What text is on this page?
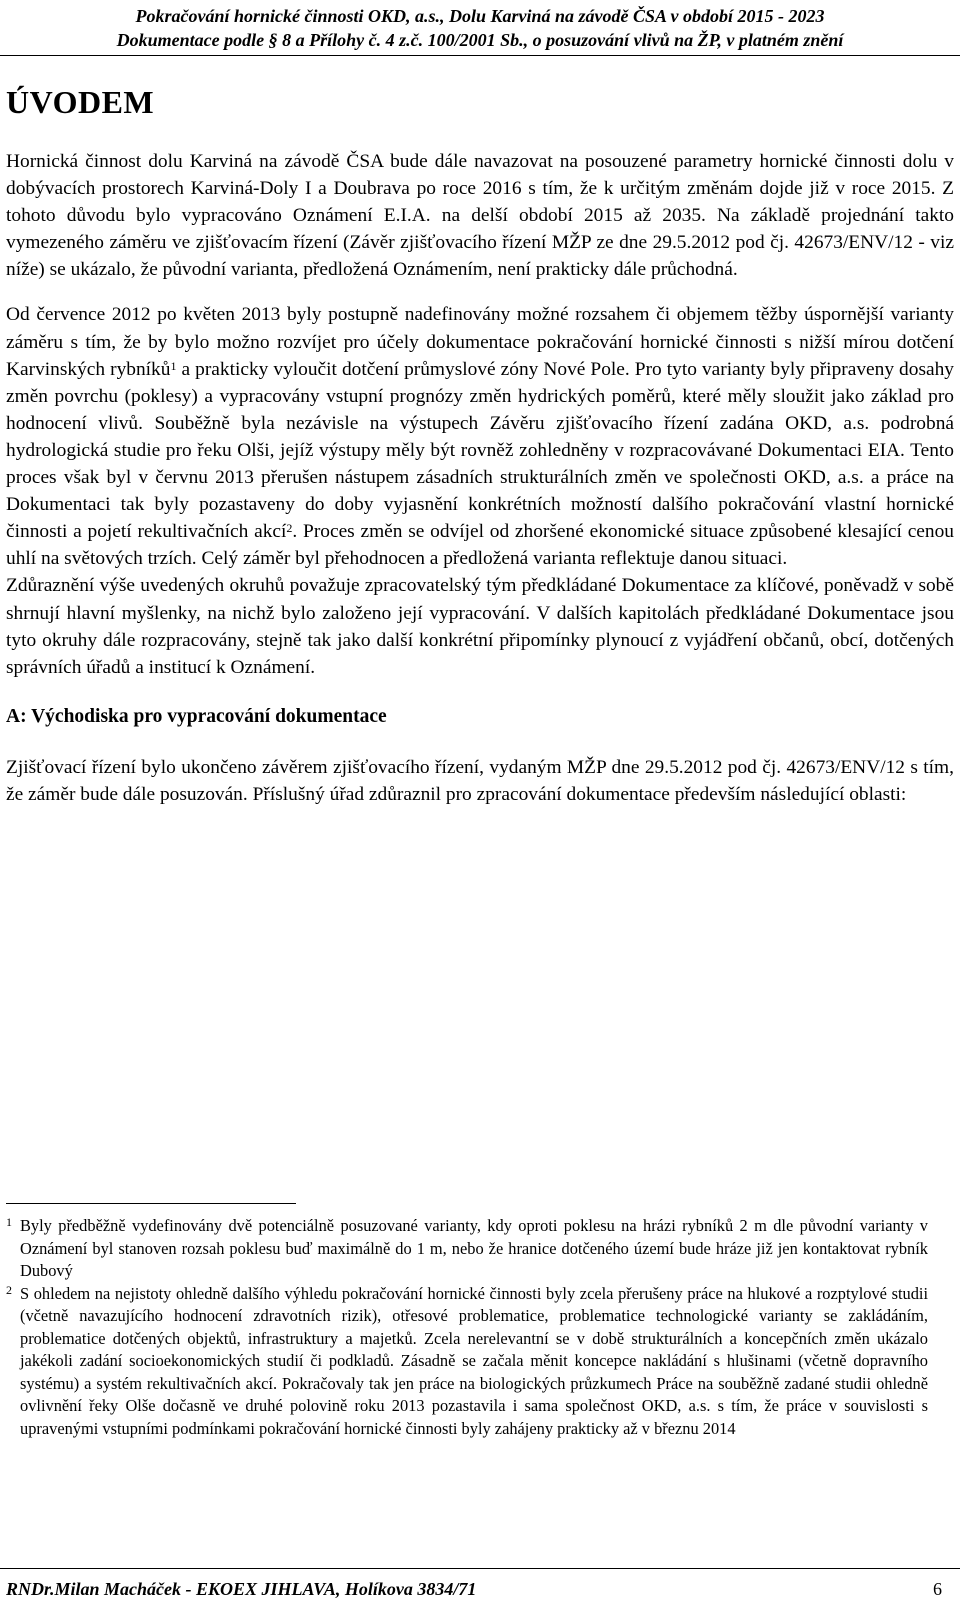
Pokračování hornické činnosti OKD, a.s., Dolu Karviná na závodě ČSA v období 2015 - 2023
Dokumentace podle § 8 a Přílohy č. 4 z.č. 100/2001 Sb., o posuzování vlivů na ŽP, v platném znění
ÚVODEM

Hornická činnost dolu Karviná na závodě ČSA bude dále navazovat na posouzené parametry hornické činnosti dolu v dobývacích prostorech Karviná-Doly I a Doubrava po roce 2016 s tím, že k určitým změnám dojde již v roce 2015. Z tohoto důvodu bylo vypracováno Oznámení E.I.A. na delší období 2015 až 2035. Na základě projednání takto vymezeného záměru ve zjišťovacím řízení (Závěr zjišťovacího řízení MŽP ze dne 29.5.2012 pod čj. 42673/ENV/12 - viz níže) se ukázalo, že původní varianta, předložená Oznámením, není prakticky dále průchodná.

Od července 2012 po květen 2013 byly postupně nadefinovány možné rozsahem či objemem těžby úspornější varianty záměru s tím, že by bylo možno rozvíjet pro účely dokumentace pokračování hornické činnosti s nižší mírou dotčení Karvinských rybníků$^1$ a prakticky vyloučit dotčení průmyslové zóny Nové Pole. Pro tyto varianty byly připraveny dosahy změn povrchu (poklesy) a vypracovány vstupní prognózy změn hydrických poměrů, které měly sloužit jako základ pro hodnocení vlivů. Souběžně byla nezávisle na výstupech Závěru zjišťovacího řízení zadána OKD, a.s. podrobná hydrologická studie pro řeku Olši, jejíž výstupy měly být rovněž zohledněny v rozpracovávané Dokumentaci EIA. Tento proces však byl v červnu 2013 přerušen nástupem zásadních strukturálních změn ve společnosti OKD, a.s. a práce na Dokumentaci tak byly pozastaveny do doby vyjasnění konkrétních možností dalšího pokračování vlastní hornické činnosti a pojetí rekultivačních akcí$^2$. Proces změn se odvíjel od zhoršené ekonomické situace způsobené klesající cenou uhlí na světových trzích. Celý záměr byl přehodnocen a předložená varianta reflektuje danou situaci.

Zdůraznění výše uvedených okruhů považuje zpracovatelský tým předkládané Dokumentace za klíčové, poněvadž v sobě shrnují hlavní myšlenky, na nichž bylo založeno její vypracování. V dalších kapitolách předkládané Dokumentace jsou tyto okruhy dále rozpracovány, stejně tak jako další konkrétní připomínky plynoucí z vyjádření občanů, obcí, dotčených správních úřadů a institucí k Oznámení.

A: Východiska pro vypracování dokumentace

Zjišťovací řízení bylo ukončeno závěrem zjišťovacího řízení, vydaným MŽP dne 29.5.2012 pod čj. 42673/ENV/12 s tím, že záměr bude dále posuzován. Příslušný úřad zdůraznil pro zpracování dokumentace především následující oblasti:

1 Byly předběžně vydefinovány dvě potenciálně posuzované varianty, kdy oproti poklesu na hrázi rybníků 2 m dle původní varianty v Oznámení byl stanoven rozsah poklesu buď maximálně do 1 m, nebo že hranice dotčeného území bude hráze již jen kontaktovat rybník Dubový
2 S ohledem na nejistoty ohledně dalšího výhledu pokračování hornické činnosti byly zcela přerušeny práce na hlukové a rozptylové studii (včetně navazujícího hodnocení zdravotních rizik), otřesové problematice, problematice technologické varianty se zakládáním, problematice dotčených objektů, infrastruktury a majetků. Zcela nerelevantní se v době strukturálních a koncepčních změn ukázalo jakékoli zadání socioekonomických studií či podkladů. Zásadně se začala měnit koncepce nakládání s hlušinami (včetně dopravního systému) a systém rekultivačních akcí. Pokračovaly tak jen práce na biologických průzkumech Práce na souběžně zadané studii ohledně ovlivnění řeky Olše dočasně ve druhé polovině roku 2013 pozastavila i sama společnost OKD, a.s. s tím, že práce v souvislosti s upravenými vstupními podmínkami pokračování hornické činnosti byly zahájeny prakticky až v březnu 2014
RNDr.Milan Macháček - EKOEX JIHLAVA, Holíkova 3834/71	6
